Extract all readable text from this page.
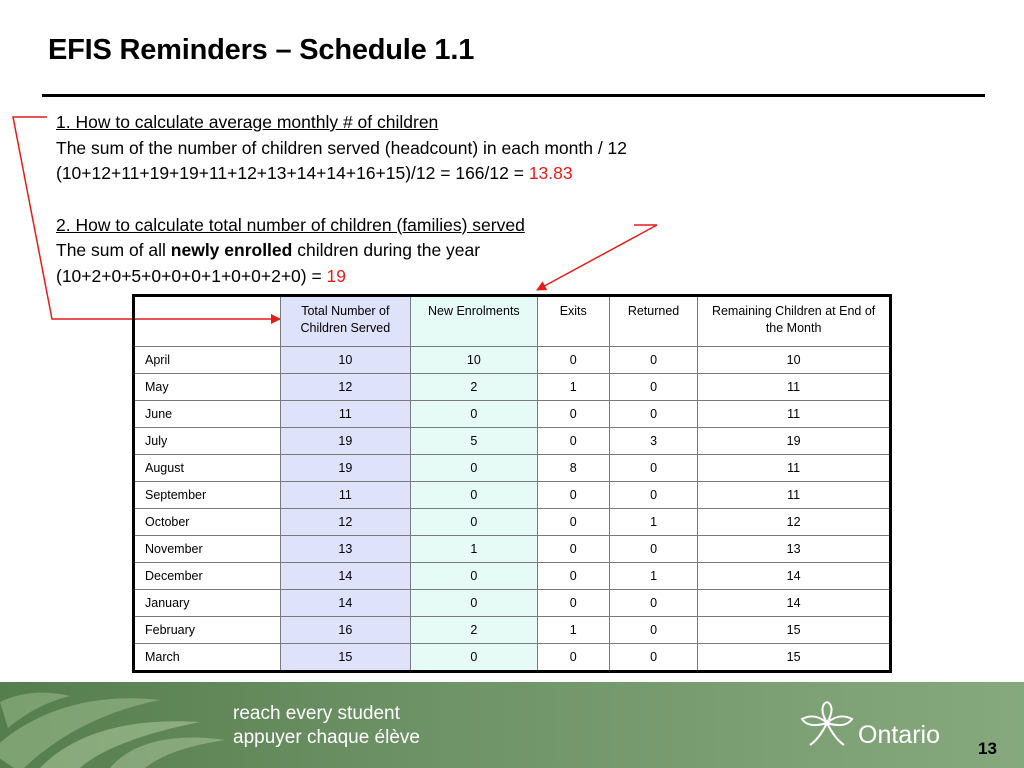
EFIS Reminders – Schedule 1.1
1. How to calculate average monthly # of children
The sum of the number of children served (headcount) in each month / 12
(10+12+11+19+19+11+12+13+14+14+16+15)/12 = 166/12 = 13.83
2. How to calculate total number of children (families) served
The sum of all newly enrolled children during the year
(10+2+0+5+0+0+0+1+0+0+2+0) = 19
	Total Number of Children Served	New Enrolments	Exits	Returned	Remaining Children at End of the Month
April	10	10	0	0	10
May	12	2	1	0	11
June	11	0	0	0	11
July	19	5	0	3	19
August	19	0	8	0	11
September	11	0	0	0	11
October	12	0	0	1	12
November	13	1	0	0	13
December	14	0	0	1	14
January	14	0	0	0	14
February	16	2	1	0	15
March	15	0	0	0	15
reach every student
appuyer chaque élève	Ontario 13
